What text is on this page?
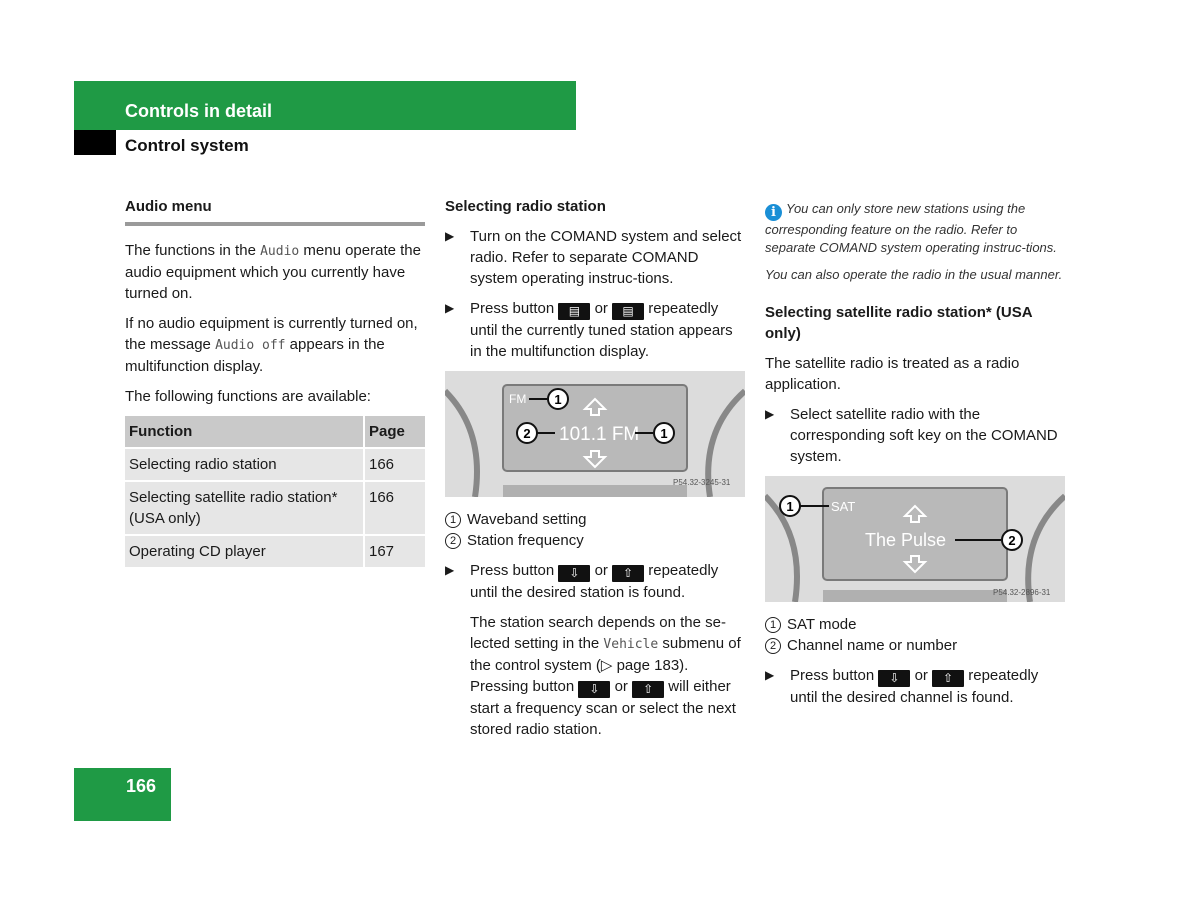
Controls in detail
Control system
Audio menu

The functions in the Audio menu operate the audio equipment which you currently have turned on.

If no audio equipment is currently turned on, the message Audio off appears in the multifunction display.

The following functions are available:

Function	Page
Selecting radio station	166
Selecting satellite radio station* (USA only)	166
Operating CD player	167
Selecting radio station
▶ Turn on the COMAND system and select radio. Refer to separate COMAND system operating instruc-tions.
▶ Press button ▤ or ▤ repeatedly until the currently tuned station appears in the multifunction display.
FM 1
2 101.1 FM 1
P54.32-3245-31
1 Waveband setting
2 Station frequency
▶ Press button ⇩ or ⇧ repeatedly until the desired station is found.
The station search depends on the se-lected setting in the Vehicle submenu of the control system (▷ page 183). Pressing button ⇩ or ⇧ will either start a frequency scan or select the next stored radio station.

i You can only store new stations using the corresponding feature on the radio. Refer to separate COMAND system operating instruc-tions.

You can also operate the radio in the usual manner.

Selecting satellite radio station* (USA only)

The satellite radio is treated as a radio application.

▶ Select satellite radio with the corresponding soft key on the COMAND system.
1	SAT
The Pulse	2
P54.32-2896-31
1 SAT mode
2 Channel name or number
▶ Press button ⇩ or ⇧ repeatedly until the desired channel is found.
166
